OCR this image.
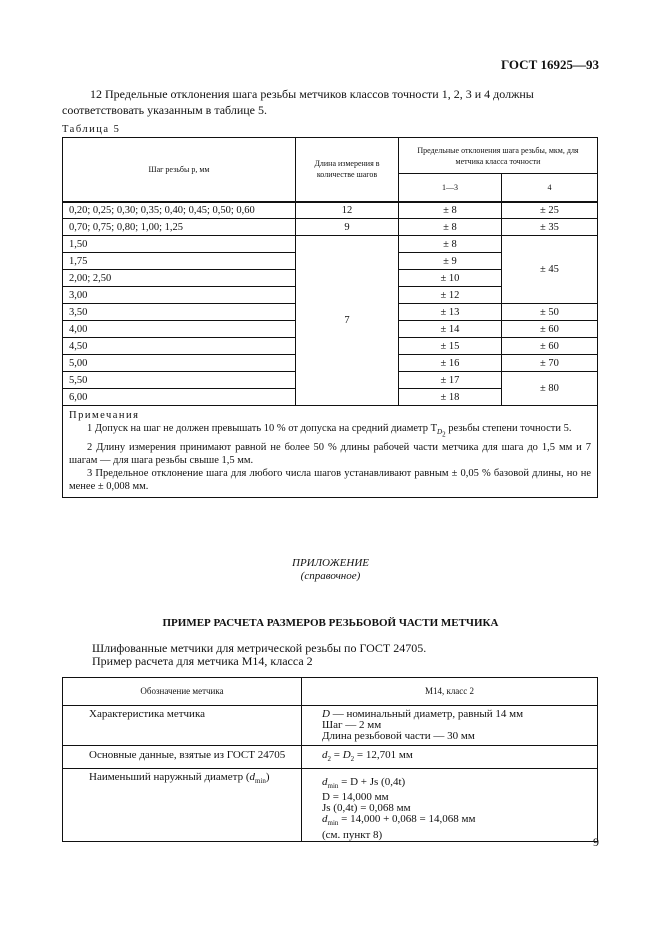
ГОСТ 16925—93
12 Предельные отклонения шага резьбы метчиков классов точности 1, 2, 3 и 4 должны
соответствовать указанным в таблице 5.
Таблица 5
Шаг резьбы p, мм	Длина измерения в количестве шагов	Предельные отклонения шага резьбы, мкм, для метчика класса точности	
		1—3	4
0,20; 0,25; 0,30; 0,35; 0,40; 0,45; 0,50; 0,60	12	± 8	± 25
0,70; 0,75; 0,80; 1,00; 1,25	9	± 8	± 35
1,50	7	± 8	± 45
1,75		± 9	
2,00; 2,50		± 10	
3,00		± 12	
3,50		± 13	± 50
4,00		± 14	± 60
4,50		± 15	± 60
5,00		± 16	± 70
5,50		± 17	± 80
6,00		± 18	
Примечания
1 Допуск на шаг не должен превышать 10 % от допуска на средний диаметр $T_{D_2}$ резьбы степени точности 5.
2 Длину измерения принимают равной не более 50 % длины рабочей части метчика для шага до 1,5 мм и 7 шагам — для шага резьбы свыше 1,5 мм.
3 Предельное отклонение шага для любого числа шагов устанавливают равным ± 0,05 % базовой длины, но не менее ± 0,008 мм.			
ПРИЛОЖЕНИЕ
(справочное)
ПРИМЕР РАСЧЕТА РАЗМЕРОВ РЕЗЬБОВОЙ ЧАСТИ МЕТЧИКА
Шлифованные метчики для метрической резьбы по ГОСТ 24705.
Пример расчета для метчика М14, класса 2
Обозначение метчика	М14, класс 2
Характеристика метчика	D — номинальный диаметр, равный 14 мм
Шаг — 2 мм
Длина резьбовой части — 30 мм
Основные данные, взятые из ГОСТ 24705	$d_2 = D_2 = 12,701$ мм
Наименьший наружный диаметр $(d_{min})$	$d_{min} = D + Js$ (0,4t)
D = 14,000 мм
Js (0,4t) = 0,068 мм
$d_{min} = 14,000 + 0,068 = 14,068$ мм
(см. пункт 8)
9
